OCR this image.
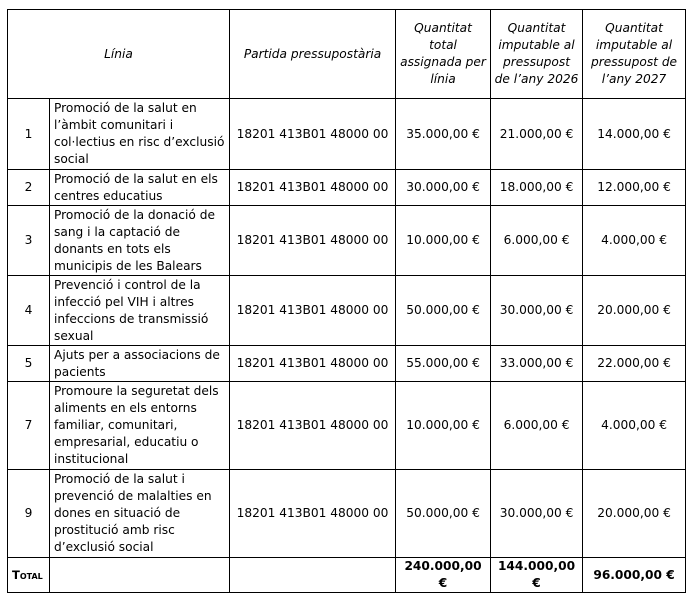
Línia		Partida pressupostària	Quantitat total assignada per línia	Quantitat imputable al pressupost de l’any 2026	Quantitat imputable al pressupost de l’any 2027
1	Promoció de la salut en l’àmbit comunitari i col·lectius en risc d’exclusió social	18201 413B01 48000 00	35.000,00 €	21.000,00 €	14.000,00 €
2	Promoció de la salut en els centres educatius	18201 413B01 48000 00	30.000,00 €	18.000,00 €	12.000,00 €
3	Promoció de la donació de sang i la captació de donants en tots els municipis de les Balears	18201 413B01 48000 00	10.000,00 €	6.000,00 €	4.000,00 €
4	Prevenció i control de la infecció pel VIH i altres infeccions de transmissió sexual	18201 413B01 48000 00	50.000,00 €	30.000,00 €	20.000,00 €
5	Ajuts per a associacions de pacients	18201 413B01 48000 00	55.000,00 €	33.000,00 €	22.000,00 €
7	Promoure la seguretat dels aliments en els entorns familiar, comunitari, empresarial, educatiu o institucional	18201 413B01 48000 00	10.000,00 €	6.000,00 €	4.000,00 €
9	Promoció de la salut i prevenció de malalties en dones en situació de prostitució amb risc d’exclusió social	18201 413B01 48000 00	50.000,00 €	30.000,00 €	20.000,00 €
Total			240.000,00 €	144.000,00 €	96.000,00 €
